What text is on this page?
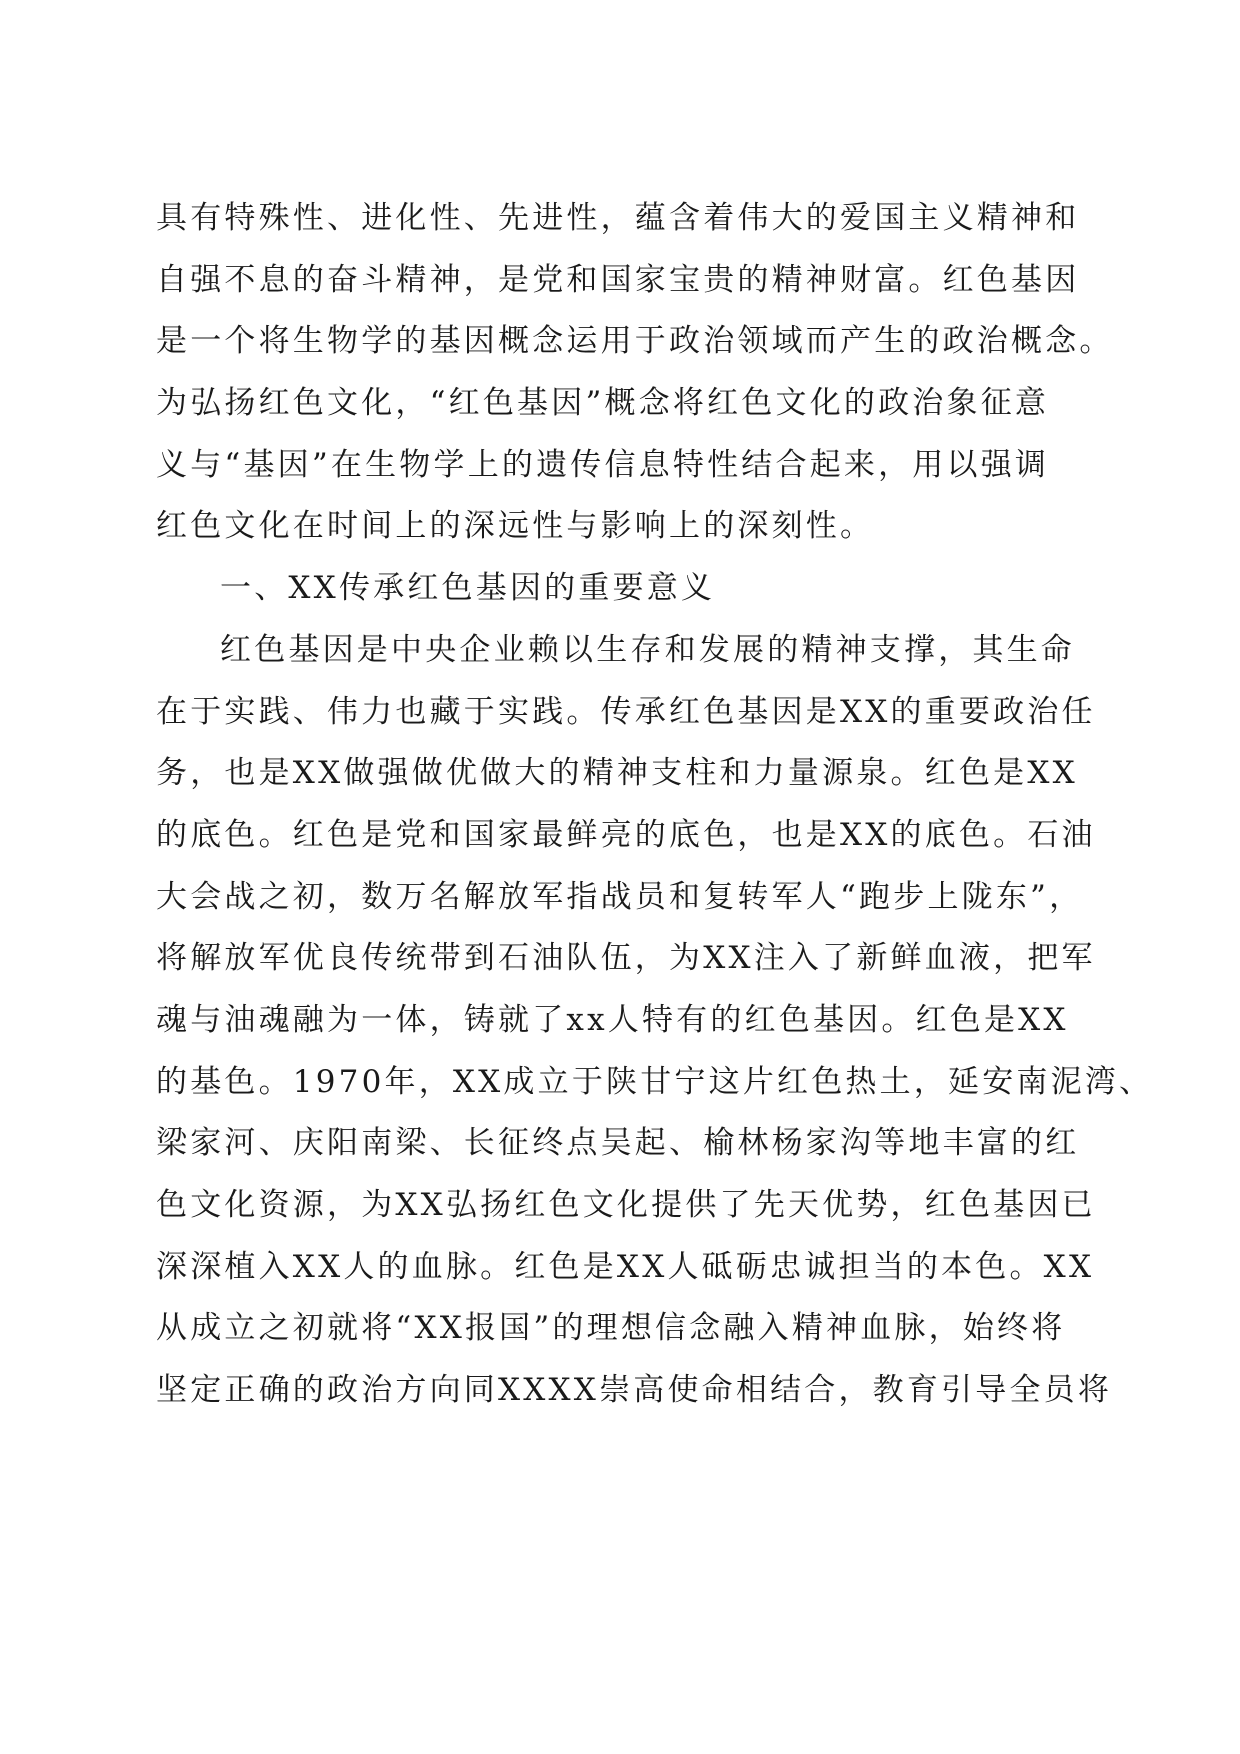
具有特殊性、进化性、先进性，蕴含着伟大的爱国主义精神和
自强不息的奋斗精神，是党和国家宝贵的精神财富。红色基因
是一个将生物学的基因概念运用于政治领域而产生的政治概念。
为弘扬红色文化，“红色基因”概念将红色文化的政治象征意
义与“基因”在生物学上的遗传信息特性结合起来，用以强调
红色文化在时间上的深远性与影响上的深刻性。
一、XX传承红色基因的重要意义
红色基因是中央企业赖以生存和发展的精神支撑，其生命
在于实践、伟力也藏于实践。传承红色基因是XX的重要政治任
务，也是XX做强做优做大的精神支柱和力量源泉。红色是XX
的底色。红色是党和国家最鲜亮的底色，也是XX的底色。石油
大会战之初，数万名解放军指战员和复转军人“跑步上陇东”，
将解放军优良传统带到石油队伍，为XX注入了新鲜血液，把军
魂与油魂融为一体，铸就了xx人特有的红色基因。红色是XX
的基色。1970年，XX成立于陕甘宁这片红色热土，延安南泥湾、
梁家河、庆阳南梁、长征终点吴起、榆林杨家沟等地丰富的红
色文化资源，为XX弘扬红色文化提供了先天优势，红色基因已
深深植入XX人的血脉。红色是XX人砥砺忠诚担当的本色。XX
从成立之初就将“XX报国”的理想信念融入精神血脉，始终将
坚定正确的政治方向同XXXX崇高使命相结合，教育引导全员将
